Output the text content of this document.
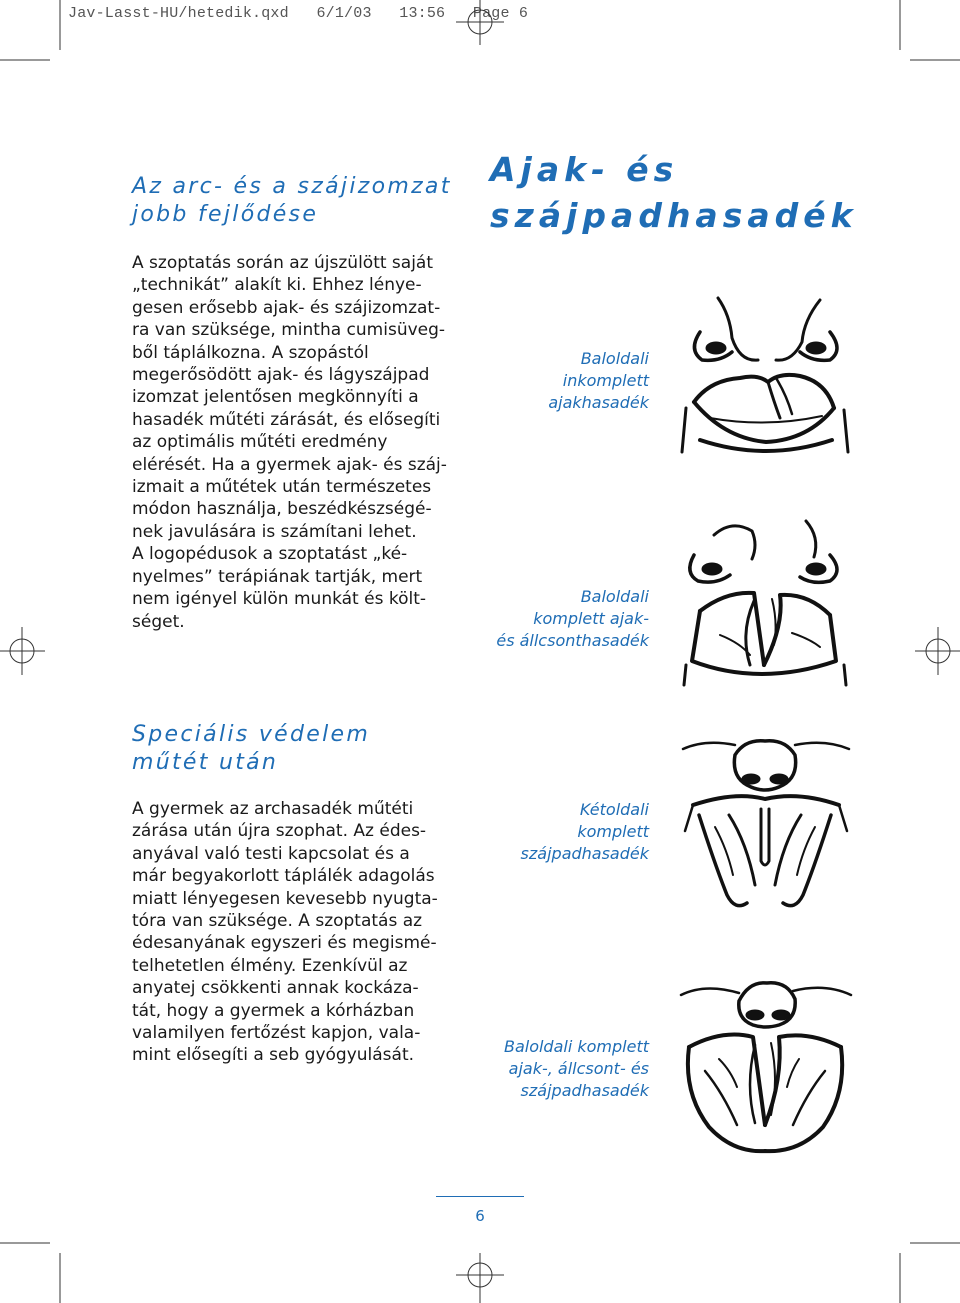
Jav-Lasst-HU/hetedik.qxd   6/1/03   13:56   Page 6
Ajak- és
szájpadhasadék
Az arc- és a szájizomzat
jobb fejlődése
A szoptatás során az újszülött saját
„technikát” alakít ki. Ehhez lénye-
gesen erősebb ajak- és szájizomzat-
ra van szüksége, mintha cumisüveg-
ből táplálkozna. A szopástól
megerősödött ajak- és lágyszájpad
izomzat jelentősen megkönnyíti a
hasadék műtéti zárását, és elősegíti
az optimális műtéti eredmény
elérését. Ha a gyermek ajak- és száj-
izmait a műtétek után természetes
módon használja, beszédkészségé-
nek javulására is számítani lehet.
A logopédusok a szoptatást „ké-
nyelmes” terápiának tartják, mert
nem igényel külön munkát és költ-
séget.
Speciális védelem
műtét után
A gyermek az archasadék műtéti
zárása után újra szophat. Az édes-
anyával való testi kapcsolat és a
már begyakorlott táplálék adagolás
miatt lényegesen kevesebb nyugta-
tóra van szüksége. A szoptatás az
édesanyának egyszeri és megismé-
telhetetlen élmény. Ezenkívül az
anyatej csökkenti annak kockáza-
tát, hogy a gyermek a kórházban
valamilyen fertőzést kapjon, vala-
mint elősegíti a seb gyógyulását.
Baloldali
inkomplett
ajakhasadék
Baloldali
komplett ajak-
és állcsonthasadék
Kétoldali
komplett
szájpadhasadék
Baloldali komplett
ajak-, állcsont- és
szájpadhasadék
6
